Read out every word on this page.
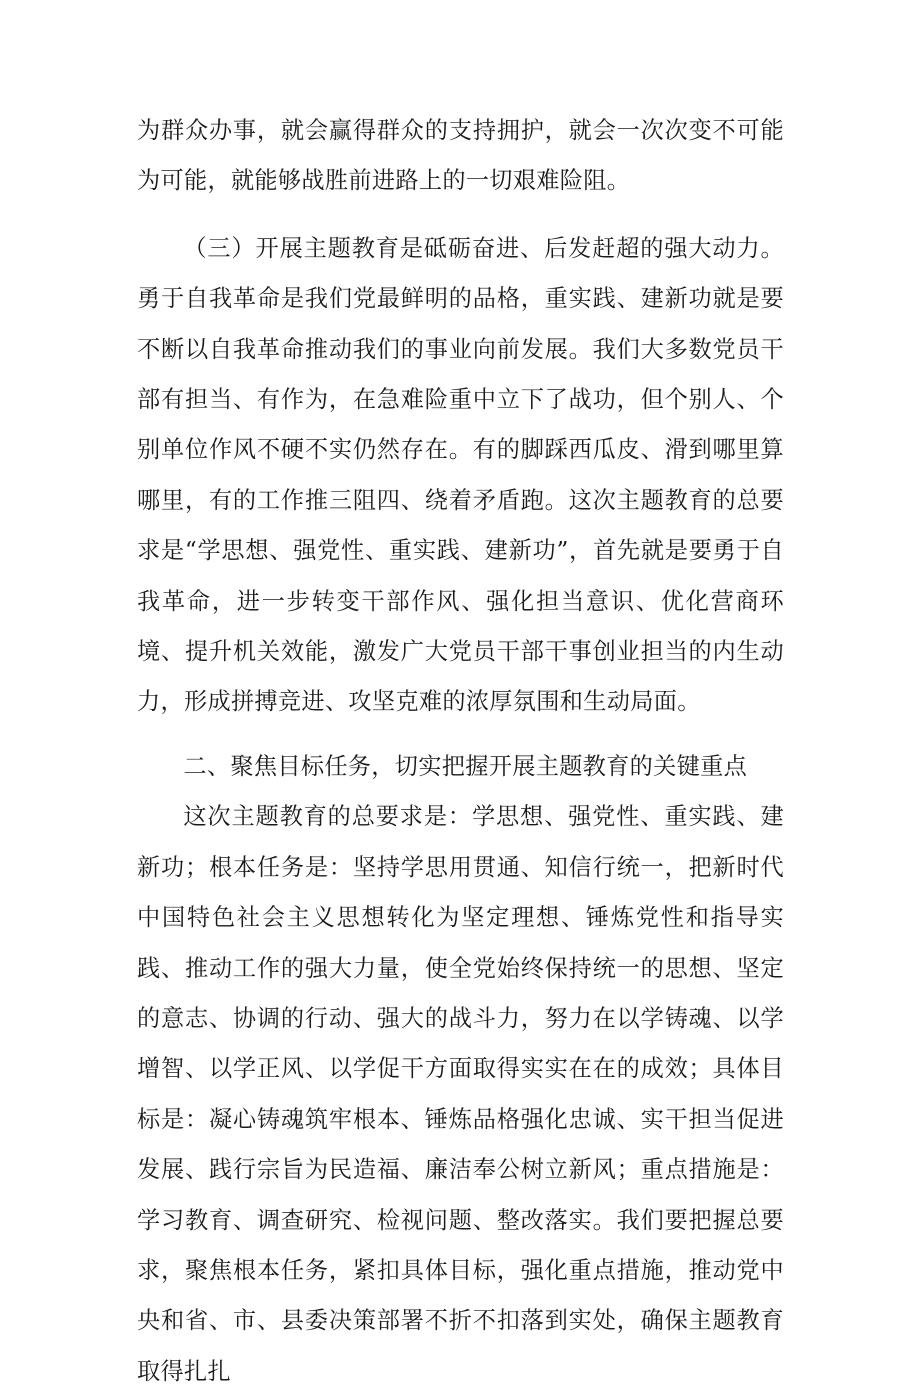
为群众办事，就会赢得群众的支持拥护，就会一次次变不可能为可能，就能够战胜前进路上的一切艰难险阻。

（三）开展主题教育是砥砺奋进、后发赶超的强大动力。勇于自我革命是我们党最鲜明的品格，重实践、建新功就是要不断以自我革命推动我们的事业向前发展。我们大多数党员干部有担当、有作为，在急难险重中立下了战功，但个别人、个别单位作风不硬不实仍然存在。有的脚踩西瓜皮、滑到哪里算哪里，有的工作推三阻四、绕着矛盾跑。这次主题教育的总要求是“学思想、强党性、重实践、建新功”，首先就是要勇于自我革命，进一步转变干部作风、强化担当意识、优化营商环境、提升机关效能，激发广大党员干部干事创业担当的内生动力，形成拼搏竞进、攻坚克难的浓厚氛围和生动局面。

二、聚焦目标任务，切实把握开展主题教育的关键重点

这次主题教育的总要求是：学思想、强党性、重实践、建新功；根本任务是：坚持学思用贯通、知信行统一，把新时代中国特色社会主义思想转化为坚定理想、锤炼党性和指导实践、推动工作的强大力量，使全党始终保持统一的思想、坚定的意志、协调的行动、强大的战斗力，努力在以学铸魂、以学增智、以学正风、以学促干方面取得实实在在的成效；具体目标是：凝心铸魂筑牢根本、锤炼品格强化忠诚、实干担当促进发展、践行宗旨为民造福、廉洁奉公树立新风；重点措施是：学习教育、调查研究、检视问题、整改落实。我们要把握总要求，聚焦根本任务，紧扣具体目标，强化重点措施，推动党中央和省、市、县委决策部署不折不扣落到实处，确保主题教育取得扎扎
